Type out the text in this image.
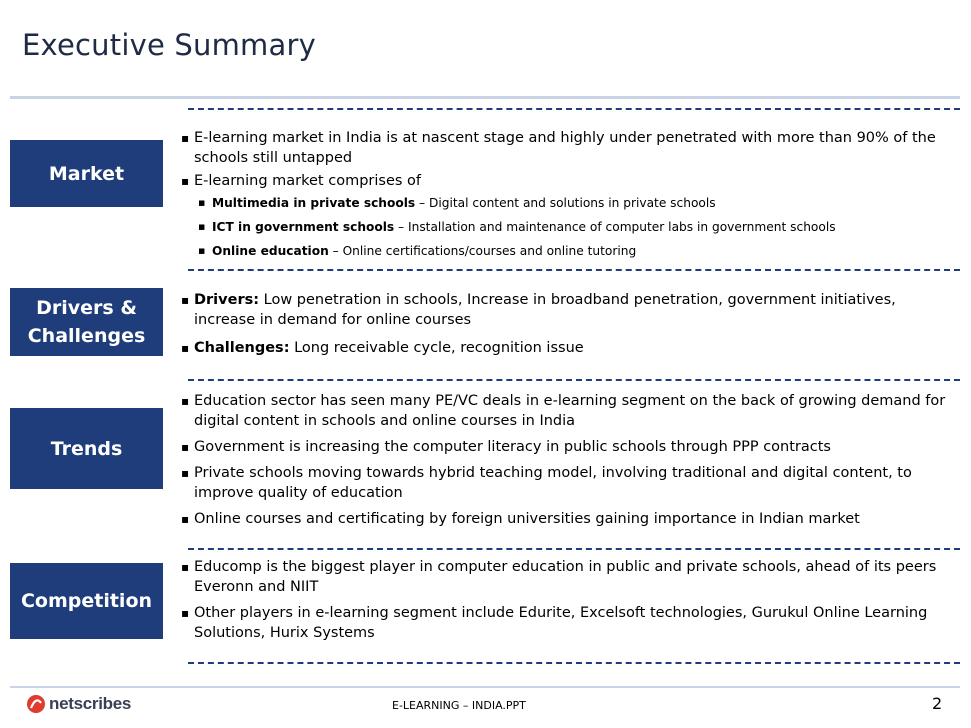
Executive Summary
Market
▪ E-learning market in India is at nascent stage and highly under penetrated with more than 90% of the schools still untapped
▪ E-learning market comprises of
▪ Multimedia in private schools – Digital content and solutions in private schools
▪ ICT in government schools – Installation and maintenance of computer labs in government schools
▪ Online education – Online certifications/courses and online tutoring
Drivers & Challenges
▪ Drivers: Low penetration in schools, Increase in broadband penetration, government initiatives, increase in demand for online courses
▪ Challenges: Long receivable cycle, recognition issue
Trends
▪ Education sector has seen many PE/VC deals in e-learning segment on the back of growing demand for digital content in schools and online courses in India
▪ Government is increasing the computer literacy in public schools through PPP contracts
▪ Private schools moving towards hybrid teaching model, involving traditional and digital content, to improve quality of education
▪ Online courses and certificating by foreign universities gaining importance in Indian market
Competition
▪ Educomp is the biggest player in computer education in public and private schools, ahead of its peers Everonn and NIIT
▪ Other players in e-learning segment include Edurite, Excelsoft technologies, Gurukul Online Learning Solutions, Hurix Systems
netscribes	E-LEARNING – INDIA.PPT	2
